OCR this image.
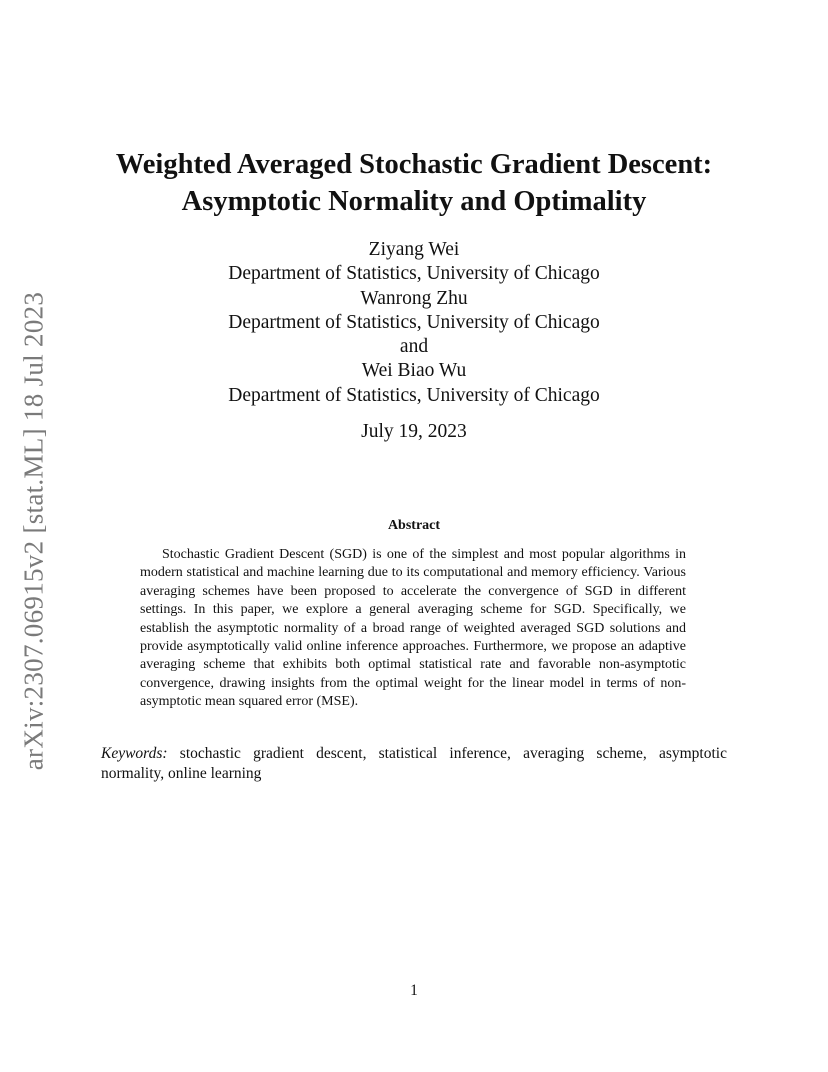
arXiv:2307.06915v2 [stat.ML] 18 Jul 2023
Weighted Averaged Stochastic Gradient Descent:
Asymptotic Normality and Optimality
Ziyang Wei
Department of Statistics, University of Chicago
Wanrong Zhu
Department of Statistics, University of Chicago
and
Wei Biao Wu
Department of Statistics, University of Chicago
July 19, 2023
Abstract
Stochastic Gradient Descent (SGD) is one of the simplest and most popular algorithms in modern statistical and machine learning due to its computational and memory efficiency. Various averaging schemes have been proposed to accelerate the convergence of SGD in different settings. In this paper, we explore a general averaging scheme for SGD. Specifically, we establish the asymptotic normality of a broad range of weighted averaged SGD solutions and provide asymptotically valid online inference approaches. Furthermore, we propose an adaptive averaging scheme that exhibits both optimal statistical rate and favorable non-asymptotic convergence, drawing insights from the optimal weight for the linear model in terms of non-asymptotic mean squared error (MSE).
Keywords: stochastic gradient descent, statistical inference, averaging scheme, asymptotic normality, online learning
1
